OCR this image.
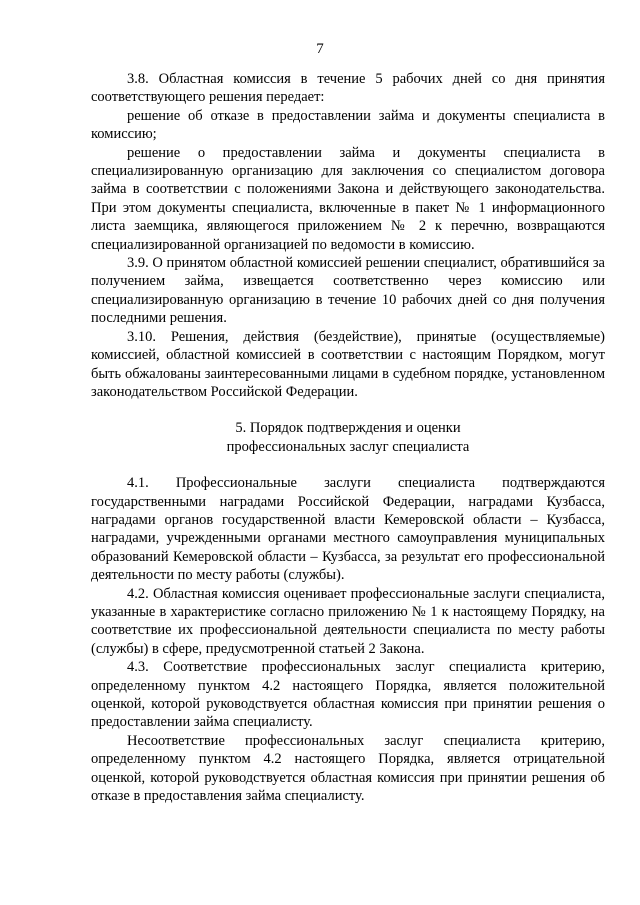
7

3.8. Областная комиссия в течение 5 рабочих дней со дня принятия соответствующего решения передает:

решение об отказе в предоставлении займа и документы специалиста в комиссию;

решение о предоставлении займа и документы специалиста в специализированную организацию для заключения со специалистом договора займа в соответствии с положениями Закона и действующего законодательства. При этом документы специалиста, включенные в пакет № 1 информационного листа заемщика, являющегося приложением № 2 к перечню, возвращаются специализированной организацией по ведомости в комиссию.

3.9. О принятом областной комиссией решении специалист, обратившийся за получением займа, извещается соответственно через комиссию или специализированную организацию в течение 10 рабочих дней со дня получения последними решения.

3.10. Решения, действия (бездействие), принятые (осуществляемые) комиссией, областной комиссией в соответствии с настоящим Порядком, могут быть обжалованы заинтересованными лицами в судебном порядке, установленном законодательством Российской Федерации.

5. Порядок подтверждения и оценки
профессиональных заслуг специалиста

4.1. Профессиональные заслуги специалиста подтверждаются государственными наградами Российской Федерации, наградами Кузбасса, наградами органов государственной власти Кемеровской области – Кузбасса, наградами, учрежденными органами местного самоуправления муниципальных образований Кемеровской области – Кузбасса, за результат его профессиональной деятельности по месту работы (службы).

4.2. Областная комиссия оценивает профессиональные заслуги специалиста, указанные в характеристике согласно приложению № 1 к настоящему Порядку, на соответствие их профессиональной деятельности специалиста по месту работы (службы) в сфере, предусмотренной статьей 2 Закона.

4.3. Соответствие профессиональных заслуг специалиста критерию, определенному пунктом 4.2 настоящего Порядка, является положительной оценкой, которой руководствуется областная комиссия при принятии решения о предоставлении займа специалисту.

Несоответствие профессиональных заслуг специалиста критерию, определенному пунктом 4.2 настоящего Порядка, является отрицательной оценкой, которой руководствуется областная комиссия при принятии решения об отказе в предоставления займа специалисту.
